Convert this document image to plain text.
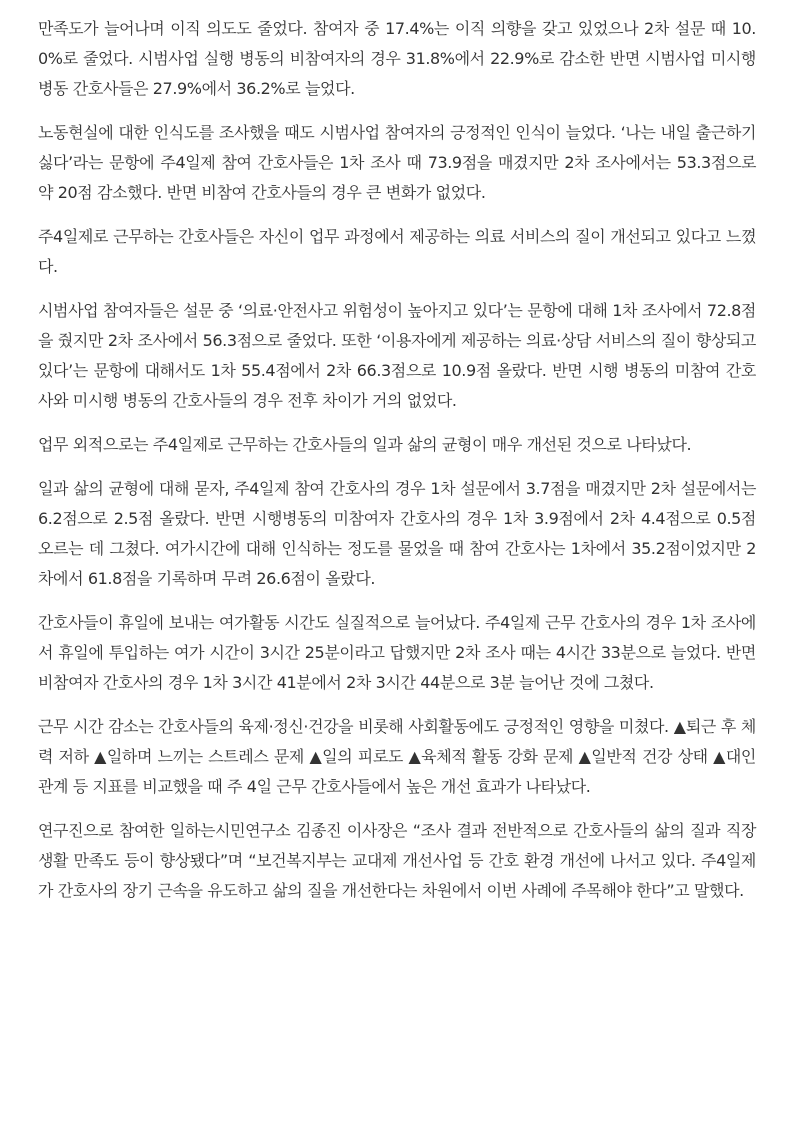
만족도가 늘어나며 이직 의도도 줄었다. 참여자 중 17.4%는 이직 의향을 갖고 있었으나 2차 설문 때 10.0%로 줄었다. 시범사업 실행 병동의 비참여자의 경우 31.8%에서 22.9%로 감소한 반면 시범사업 미시행 병동 간호사들은 27.9%에서 36.2%로 늘었다.

노동현실에 대한 인식도를 조사했을 때도 시범사업 참여자의 긍정적인 인식이 늘었다. ‘나는 내일 출근하기 싫다’라는 문항에 주4일제 참여 간호사들은 1차 조사 때 73.9점을 매겼지만 2차 조사에서는 53.3점으로 약 20점 감소했다. 반면 비참여 간호사들의 경우 큰 변화가 없었다.

주4일제로 근무하는 간호사들은 자신이 업무 과정에서 제공하는 의료 서비스의 질이 개선되고 있다고 느꼈다.

시범사업 참여자들은 설문 중 ‘의료·안전사고 위험성이 높아지고 있다’는 문항에 대해 1차 조사에서 72.8점을 줬지만 2차 조사에서 56.3점으로 줄었다. 또한 ‘이용자에게 제공하는 의료·상담 서비스의 질이 향상되고 있다’는 문항에 대해서도 1차 55.4점에서 2차 66.3점으로 10.9점 올랐다. 반면 시행 병동의 미참여 간호사와 미시행 병동의 간호사들의 경우 전후 차이가 거의 없었다.

업무 외적으로는 주4일제로 근무하는 간호사들의 일과 삶의 균형이 매우 개선된 것으로 나타났다.

일과 삶의 균형에 대해 묻자, 주4일제 참여 간호사의 경우 1차 설문에서 3.7점을 매겼지만 2차 설문에서는 6.2점으로 2.5점 올랐다. 반면 시행병동의 미참여자 간호사의 경우 1차 3.9점에서 2차 4.4점으로 0.5점 오르는 데 그쳤다. 여가시간에 대해 인식하는 정도를 물었을 때 참여 간호사는 1차에서 35.2점이었지만 2차에서 61.8점을 기록하며 무려 26.6점이 올랐다.

간호사들이 휴일에 보내는 여가활동 시간도 실질적으로 늘어났다. 주4일제 근무 간호사의 경우 1차 조사에서 휴일에 투입하는 여가 시간이 3시간 25분이라고 답했지만 2차 조사 때는 4시간 33분으로 늘었다. 반면 비참여자 간호사의 경우 1차 3시간 41분에서 2차 3시간 44분으로 3분 늘어난 것에 그쳤다.

근무 시간 감소는 간호사들의 육제·정신·건강을 비롯해 사회활동에도 긍정적인 영향을 미쳤다. ▲퇴근 후 체력 저하 ▲일하며 느끼는 스트레스 문제 ▲일의 피로도 ▲육체적 활동 강화 문제 ▲일반적 건강 상태 ▲대인 관계 등 지표를 비교했을 때 주 4일 근무 간호사들에서 높은 개선 효과가 나타났다.

연구진으로 참여한 일하는시민연구소 김종진 이사장은 “조사 결과 전반적으로 간호사들의 삶의 질과 직장 생활 만족도 등이 향상됐다”며 “보건복지부는 교대제 개선사업 등 간호 환경 개선에 나서고 있다. 주4일제가 간호사의 장기 근속을 유도하고 삶의 질을 개선한다는 차원에서 이번 사례에 주목해야 한다”고 말했다.
